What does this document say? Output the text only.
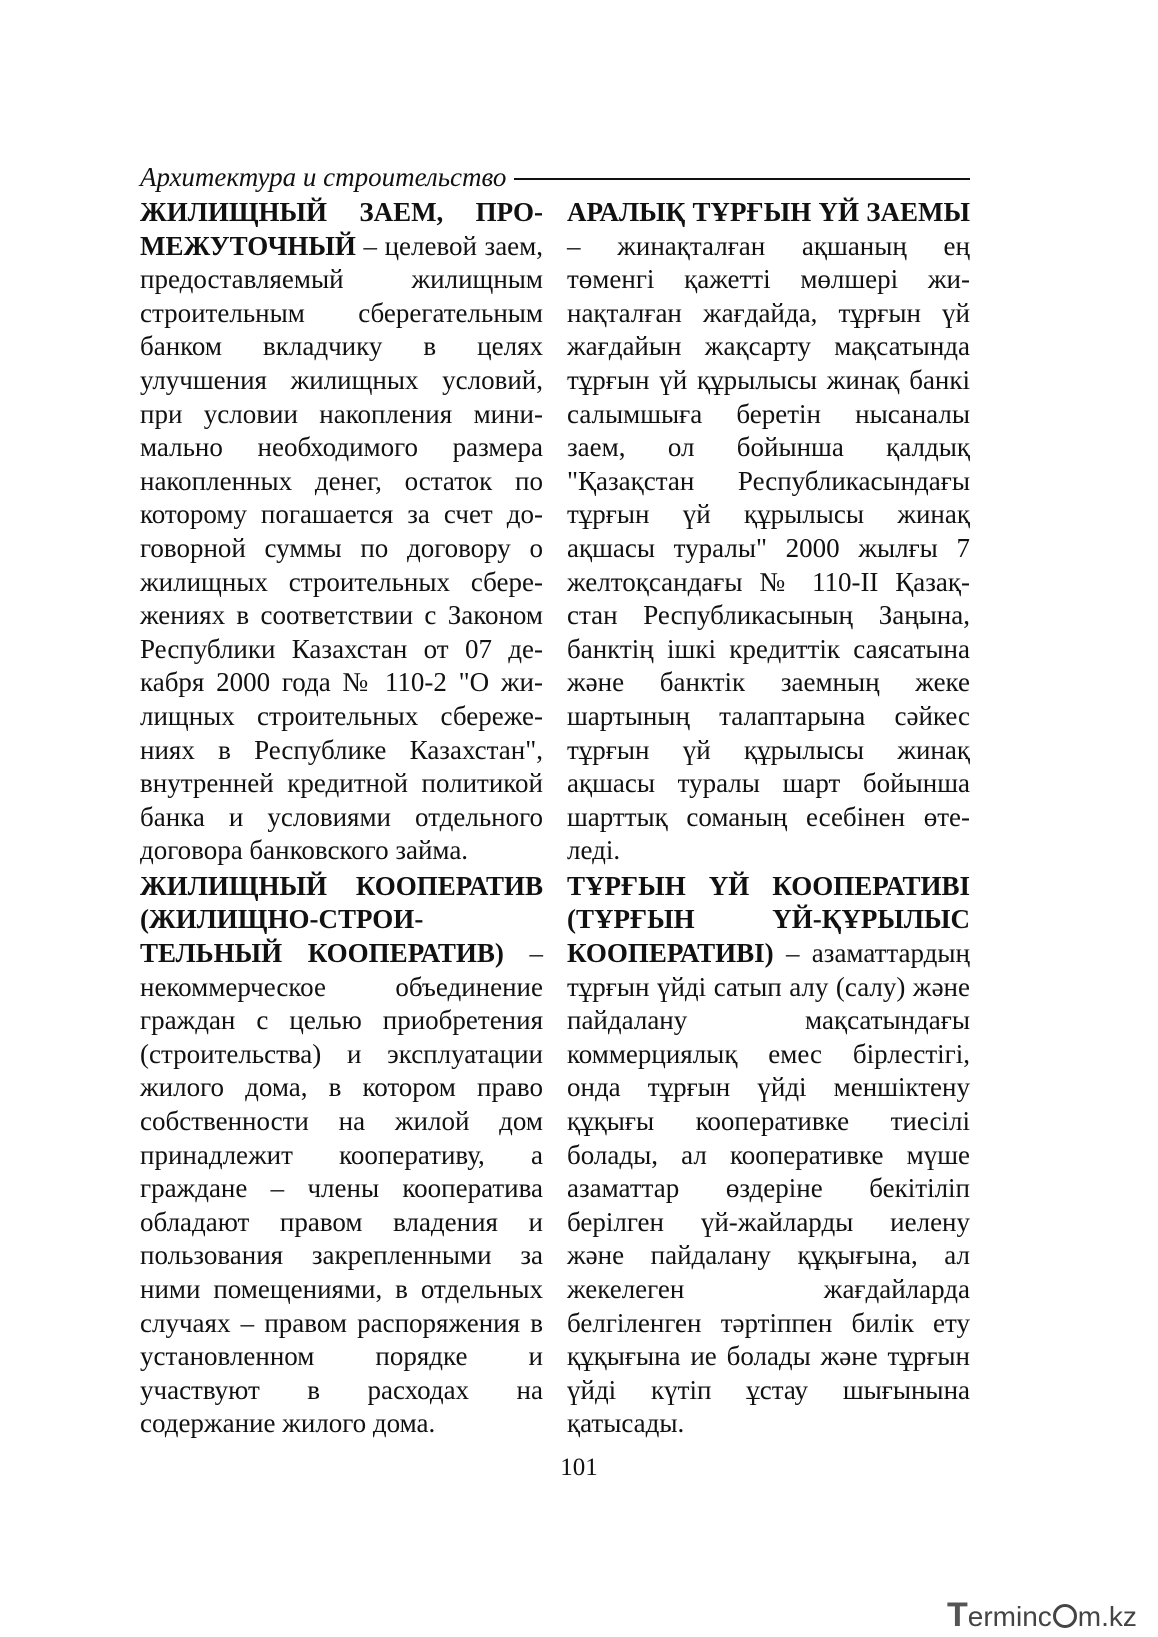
Архитектура и строительство

ЖИЛИЩНЫЙ ЗАЕМ, ПРОМЕЖУТОЧНЫЙ – целевой заем, предоставляемый жилищным строительным сберегательным банком вкладчику в целях улучшения жилищных условий, при условии накопления минимально необходимого размера накопленных денег, остаток по которому погашается за счет договорной суммы по договору о жилищных строительных сбережениях в соответствии с Законом Республики Казахстан от 07 декабря 2000 года № 110-2 "О жилищных строительных сбережениях в Республике Казахстан", внутренней кредитной политикой банка и условиями отдельного договора банковского займа.

ЖИЛИЩНЫЙ КООПЕРАТИВ (ЖИЛИЩНО-СТРОИТЕЛЬНЫЙ КООПЕРАТИВ) – некоммерческое объединение граждан с целью приобретения (строительства) и эксплуатации жилого дома, в котором право собственности на жилой дом принадлежит кооперативу, а граждане – члены кооператива обладают правом владения и пользования закрепленными за ними помещениями, в отдельных случаях – правом распоряжения в установленном порядке и участвуют в расходах на содержание жилого дома.

АРАЛЫҚ ТҰРҒЫН ҮЙ ЗАЕМЫ – жинақталған ақшаның ең төменгі қажетті мөлшері жинақталған жағдайда, тұрғын үй жағдайын жақсарту мақсатында тұрғын үй құрылысы жинақ банкі салымшыға беретін нысaналы заем, ол бойынша қалдық "Қазақстан Республикасындағы тұрғын үй құрылысы жинақ ақшасы туралы" 2000 жылғы 7 желтоқсандағы № 110-ІІ Қазақстан Республикасының Заңына, банктің ішкі кредиттік саясатына және банктік заемның жеке шартының талаптарына сәйкес тұрғын үй құрылысы жинақ ақшасы туралы шарт бойынша шарттық соманың есебінен өтеледі.

ТҰРҒЫН ҮЙ КООПЕРАТИВІ (ТҰРҒЫН ҮЙ-ҚҰРЫЛЫС КООПЕРАТИВІ) – азаматтардың тұрғын үйді сатып алу (салу) және пайдалану мақсатындағы коммерциялық емес бірлестігі, онда тұрғын үйді меншіктену құқығы кооперативке тиесілі болады, ал кооперативке мүше азаматтар өздеріне бекітіліп берілген үй-жайларды иелену және пайдалану құқығына, ал жекелеген жағдайларда белгіленген тәртіппен билік ету құқығына ие болады және тұрғын үйді күтіп ұстау шығынына қатысады.

101
T erminc m.kz
